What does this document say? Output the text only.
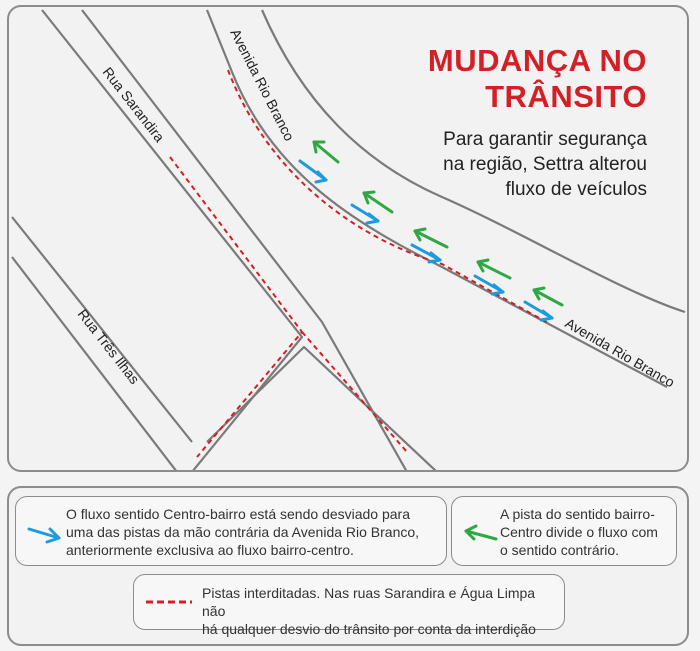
Rua Sarandira
Rua Três Ilhas
Avenida Rio Branco
Avenida Rio Branco
MUDANÇA NO
TRÂNSITO
Para garantir segurança
na região, Settra alterou
fluxo de veículos
O fluxo sentido Centro-bairro está sendo desviado para
uma das pistas da mão contrária da Avenida Rio Branco,
anteriormente exclusiva ao fluxo bairro-centro.
A pista do sentido bairro-
Centro divide o fluxo com
o sentido contrário.
Pistas interditadas. Nas ruas Sarandira e Água Limpa não
há qualquer desvio do trânsito por conta da interdição
